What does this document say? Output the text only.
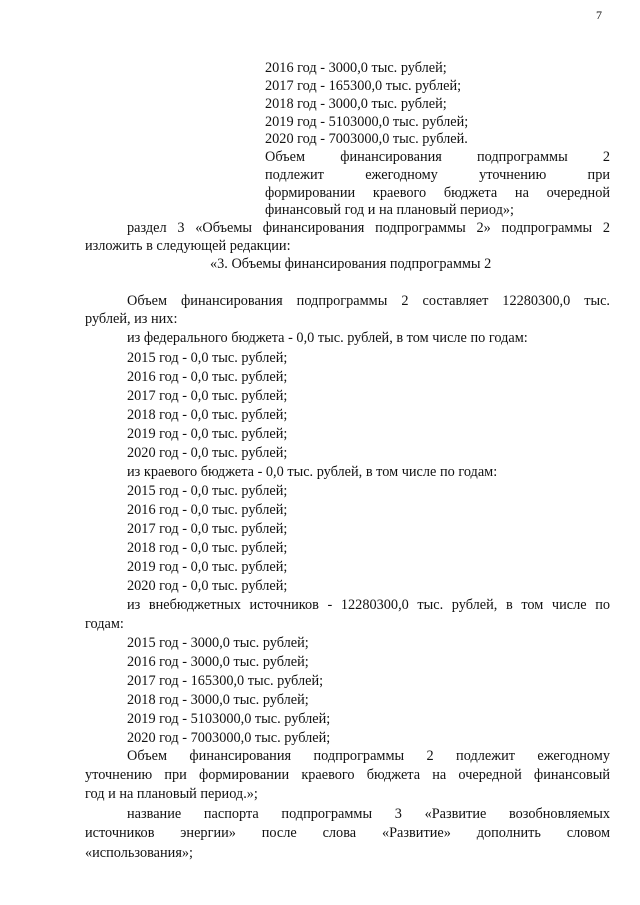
7
2016 год - 3000,0 тыс. рублей;
2017 год - 165300,0 тыс. рублей;
2018 год - 3000,0 тыс. рублей;
2019 год - 5103000,0 тыс. рублей;
2020 год - 7003000,0 тыс. рублей.
Объем финансирования подпрограммы 2
подлежит ежегодному уточнению при
формировании краевого бюджета на очередной
финансовый год и на плановый период»;
раздел 3 «Объемы финансирования подпрограммы 2» подпрограммы 2
изложить в следующей редакции:
«3. Объемы финансирования подпрограммы 2
Объем финансирования подпрограммы 2 составляет 12280300,0 тыс.
рублей, из них:
из федерального бюджета - 0,0 тыс. рублей, в том числе по годам:
2015 год - 0,0 тыс. рублей;
2016 год - 0,0 тыс. рублей;
2017 год - 0,0 тыс. рублей;
2018 год - 0,0 тыс. рублей;
2019 год - 0,0 тыс. рублей;
2020 год - 0,0 тыс. рублей;
из краевого бюджета - 0,0 тыс. рублей, в том числе по годам:
2015 год - 0,0 тыс. рублей;
2016 год - 0,0 тыс. рублей;
2017 год - 0,0 тыс. рублей;
2018 год - 0,0 тыс. рублей;
2019 год - 0,0 тыс. рублей;
2020 год - 0,0 тыс. рублей;
из внебюджетных источников - 12280300,0 тыс. рублей, в том числе по
годам:
2015 год - 3000,0 тыс. рублей;
2016 год - 3000,0 тыс. рублей;
2017 год - 165300,0 тыс. рублей;
2018 год - 3000,0 тыс. рублей;
2019 год - 5103000,0 тыс. рублей;
2020 год - 7003000,0 тыс. рублей;
Объем финансирования подпрограммы 2 подлежит ежегодному
уточнению при формировании краевого бюджета на очередной финансовый
год и на плановый период.»;
название паспорта подпрограммы 3 «Развитие возобновляемых
источников энергии» после слова «Развитие» дополнить словом
«использования»;
